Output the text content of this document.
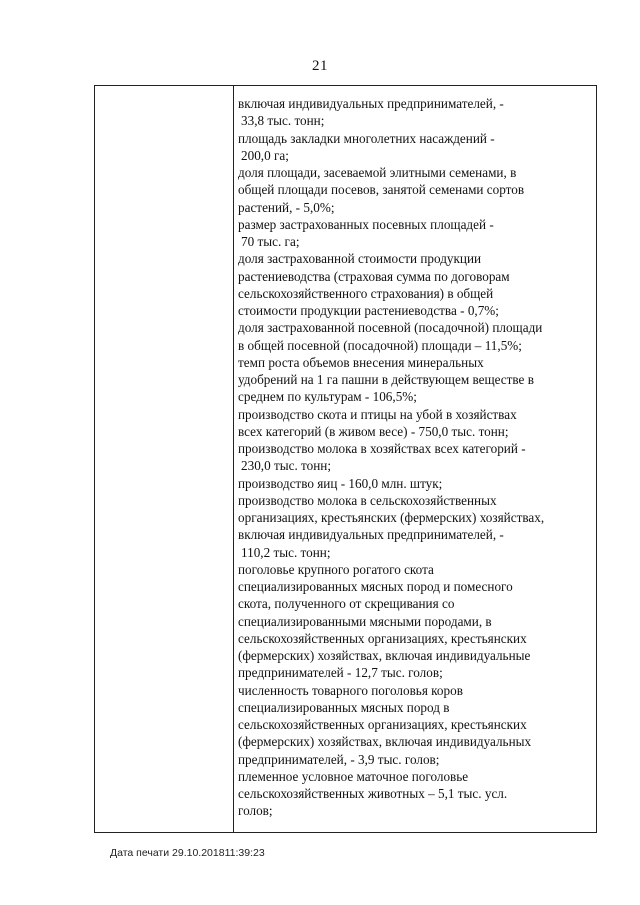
21
включая индивидуальных предпринимателей, -
33,8 тыс. тонн;
площадь закладки многолетних насаждений -
200,0 га;
доля площади, засеваемой элитными семенами, в
общей площади посевов, занятой семенами сортов
растений, - 5,0%;
размер застрахованных посевных площадей -
70 тыс. га;
доля застрахованной стоимости продукции
растениеводства (страховая сумма по договорам
сельскохозяйственного страхования) в общей
стоимости продукции растениеводства - 0,7%;
доля застрахованной посевной (посадочной) площади
в общей посевной (посадочной) площади – 11,5%;
темп роста объемов внесения минеральных
удобрений на 1 га пашни в действующем веществе в
среднем по культурам - 106,5%;
производство скота и птицы на убой в хозяйствах
всех категорий (в живом весе) - 750,0 тыс. тонн;
производство молока в хозяйствах всех категорий -
230,0 тыс. тонн;
производство яиц - 160,0 млн. штук;
производство молока в сельскохозяйственных
организациях, крестьянских (фермерских) хозяйствах,
включая индивидуальных предпринимателей, -
110,2 тыс. тонн;
поголовье крупного рогатого скота
специализированных мясных пород и помесного
скота, полученного от скрещивания со
специализированными мясными породами, в
сельскохозяйственных организациях, крестьянских
(фермерских) хозяйствах, включая индивидуальные
предпринимателей - 12,7 тыс. голов;
численность товарного поголовья коров
специализированных мясных пород в
сельскохозяйственных организациях, крестьянских
(фермерских) хозяйствах, включая индивидуальных
предпринимателей, - 3,9 тыс. голов;
племенное условное маточное поголовье
сельскохозяйственных животных – 5,1 тыс. усл.
голов;
Дата печати 29.10.201811:39:23
